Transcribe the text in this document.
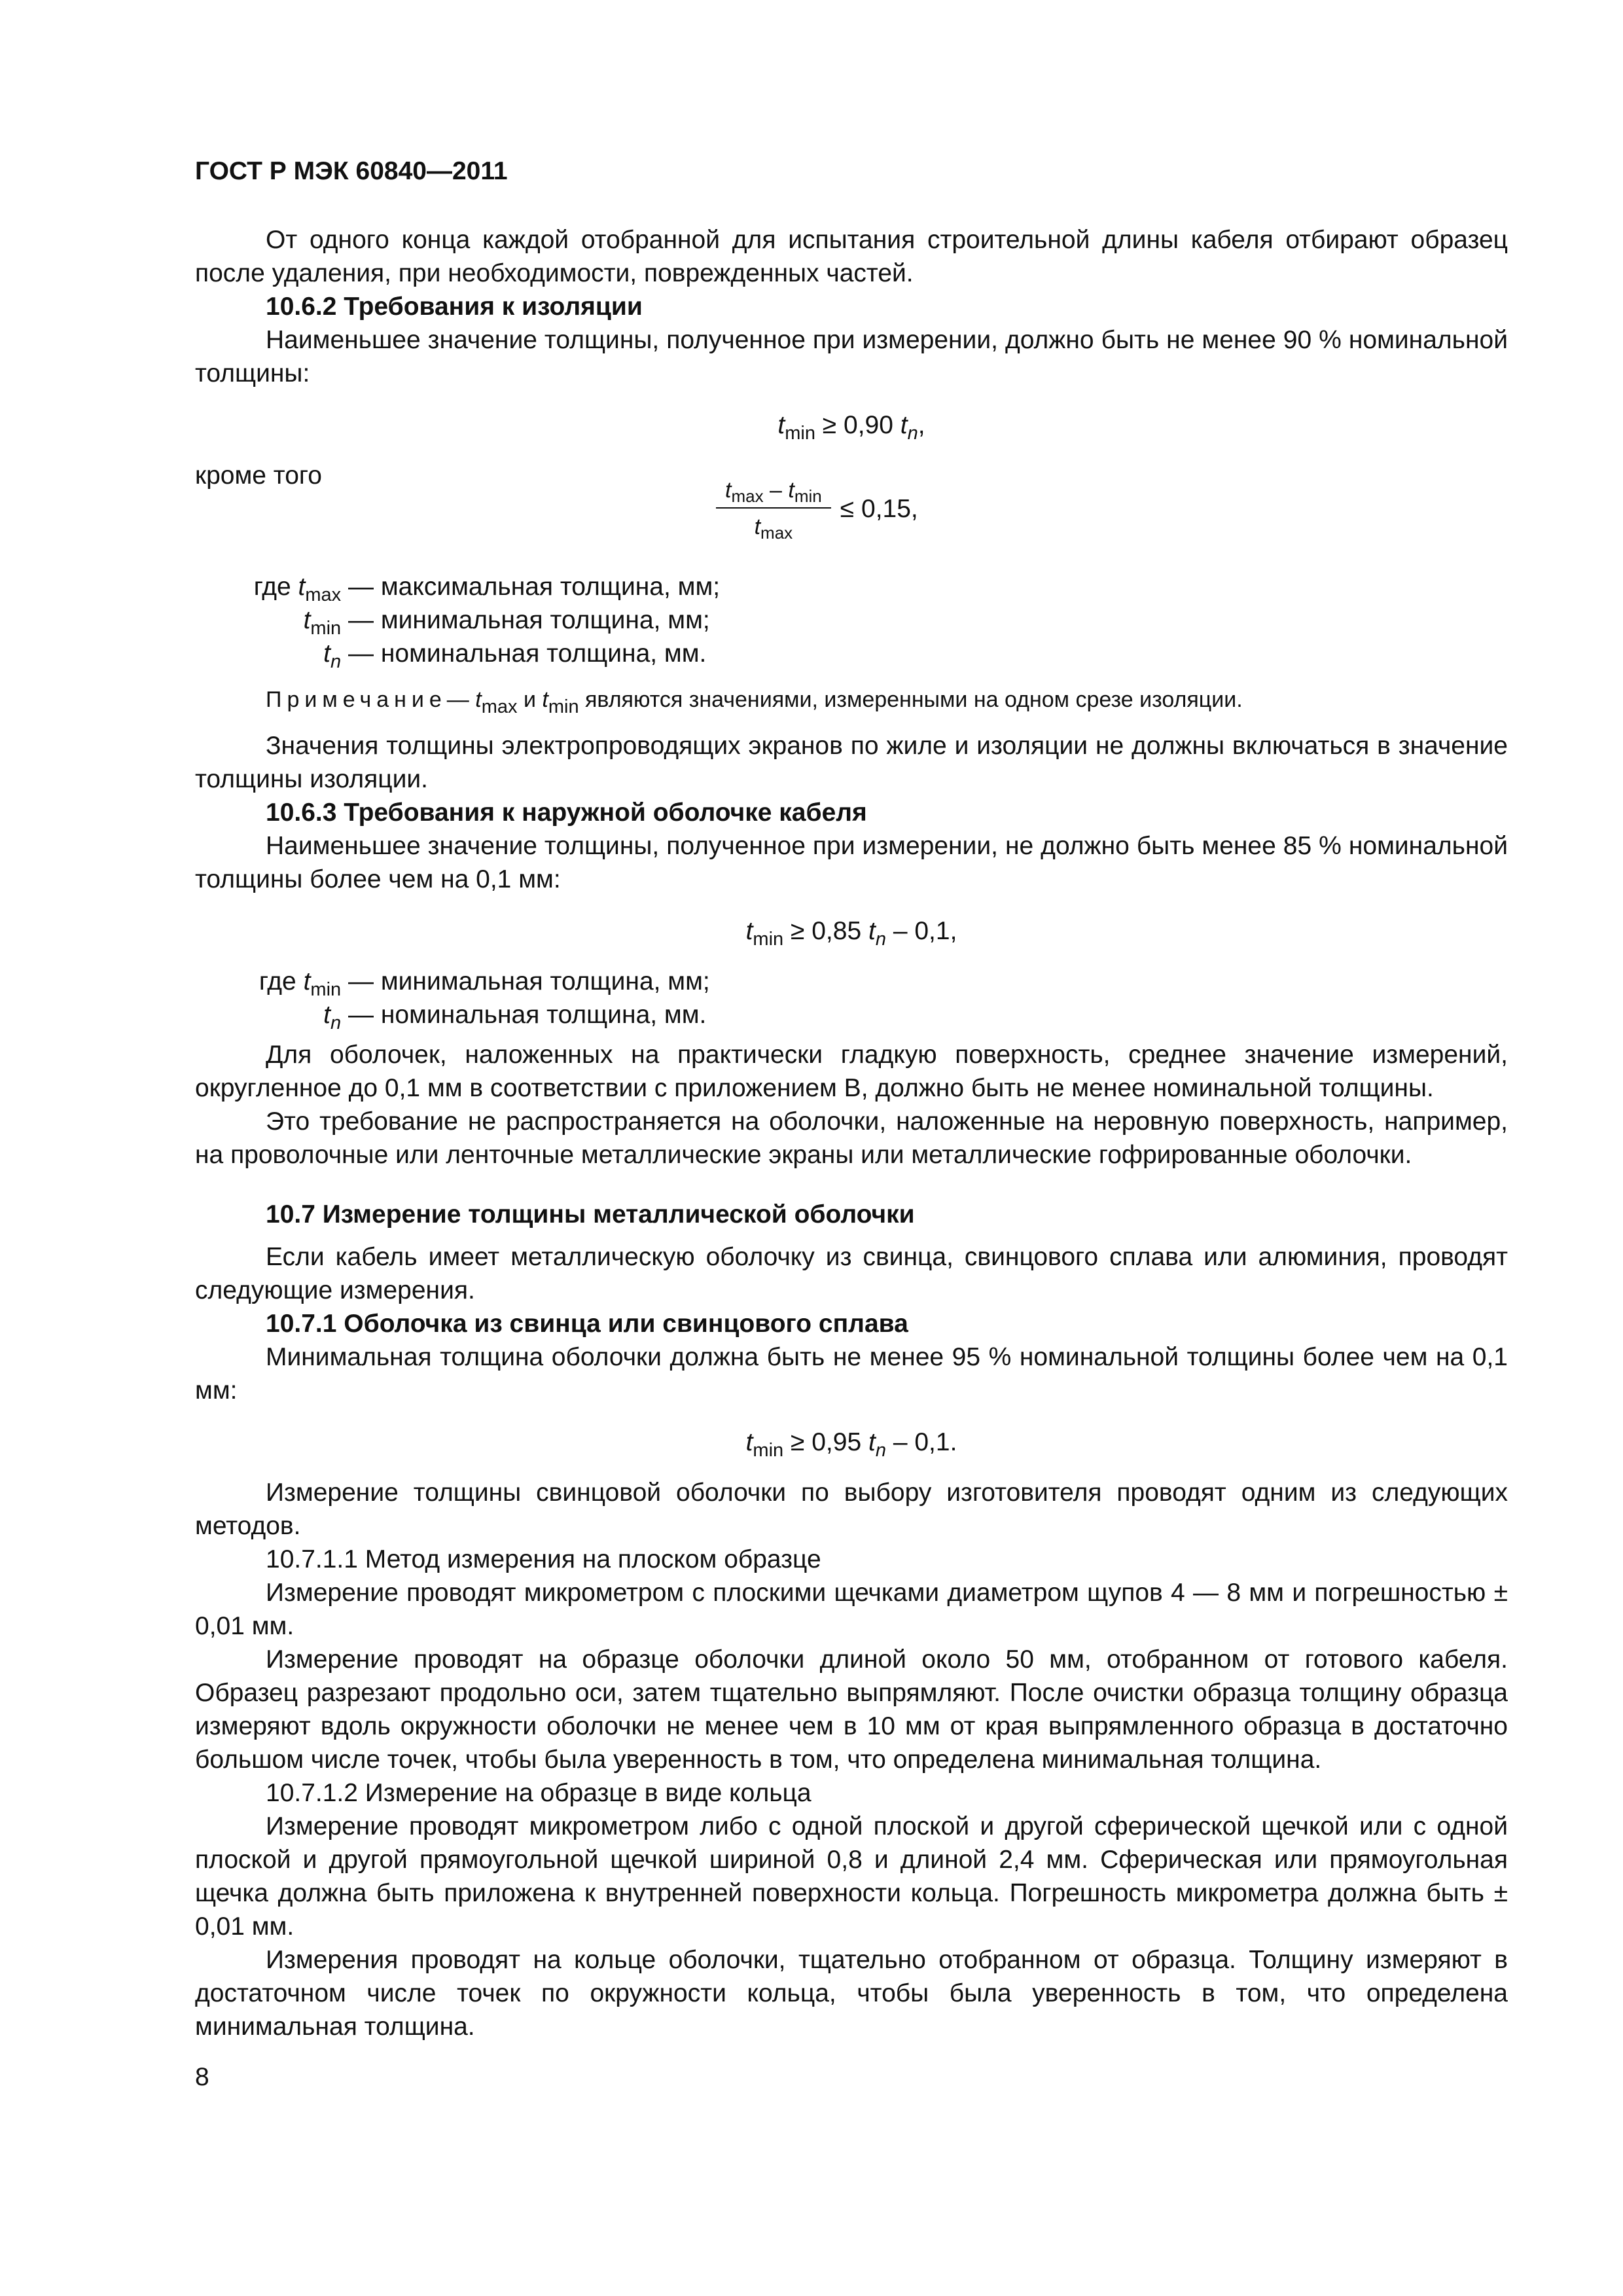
ГОСТ Р МЭК 60840—2011

От одного конца каждой отобранной для испытания строительной длины кабеля отбирают образец после удаления, при необходимости, поврежденных частей.

10.6.2 Требования к изоляции

Наименьшее значение толщины, полученное при измерении, должно быть не менее 90 % номинальной толщины:

$t_{min} \ge 0,90$ $t_n$,
кроме того
$\frac{t_{max} - t_{min}}{t_{max}} \le 0,15$,
где $t_{max}$ — максимальная толщина, мм;
$t_{min}$ — минимальная толщина, мм;
$t_n$ — номинальная толщина, мм.

Примечание— $t_{max}$ и $t_{min}$ являются значениями, измеренными на одном срезе изоляции.

Значения толщины электропроводящих экранов по жиле и изоляции не должны включаться в значение толщины изоляции.

10.6.3 Требования к наружной оболочке кабеля

Наименьшее значение толщины, полученное при измерении, не должно быть менее 85 % номинальной толщины более чем на 0,1 мм:

$t_{min} \ge 0,85$ $t_n - 0,1$,
где $t_{min}$ — минимальная толщина, мм;
$t_n$ — номинальная толщина, мм.

Для оболочек, наложенных на практически гладкую поверхность, среднее значение измерений, округленное до 0,1 мм в соответствии с приложением В, должно быть не менее номинальной толщины.

Это требование не распространяется на оболочки, наложенные на неровную поверхность, например, на проволочные или ленточные металлические экраны или металлические гофрированные оболочки.

10.7 Измерение толщины металлической оболочки

Если кабель имеет металлическую оболочку из свинца, свинцового сплава или алюминия, проводят следующие измерения.

10.7.1 Оболочка из свинца или свинцового сплава

Минимальная толщина оболочки должна быть не менее 95 % номинальной толщины более чем на 0,1 мм:

$t_{min} \ge 0,95$ $t_n - 0,1$.

Измерение толщины свинцовой оболочки по выбору изготовителя проводят одним из следующих методов.

10.7.1.1 Метод измерения на плоском образце

Измерение проводят микрометром с плоскими щечками диаметром щупов 4 — 8 мм и погрешностью ± 0,01 мм.

Измерение проводят на образце оболочки длиной около 50 мм, отобранном от готового кабеля. Образец разрезают продольно оси, затем тщательно выпрямляют. После очистки образца толщину образца измеряют вдоль окружности оболочки не менее чем в 10 мм от края выпрямленного образца в достаточно большом числе точек, чтобы была уверенность в том, что определена минимальная толщина.

10.7.1.2 Измерение на образце в виде кольца

Измерение проводят микрометром либо с одной плоской и другой сферической щечкой или с одной плоской и другой прямоугольной щечкой шириной 0,8 и длиной 2,4 мм. Сферическая или прямоугольная щечка должна быть приложена к внутренней поверхности кольца. Погрешность микрометра должна быть ± 0,01 мм.

Измерения проводят на кольце оболочки, тщательно отобранном от образца. Толщину измеряют в достаточном числе точек по окружности кольца, чтобы была уверенность в том, что определена минимальная толщина.

8
